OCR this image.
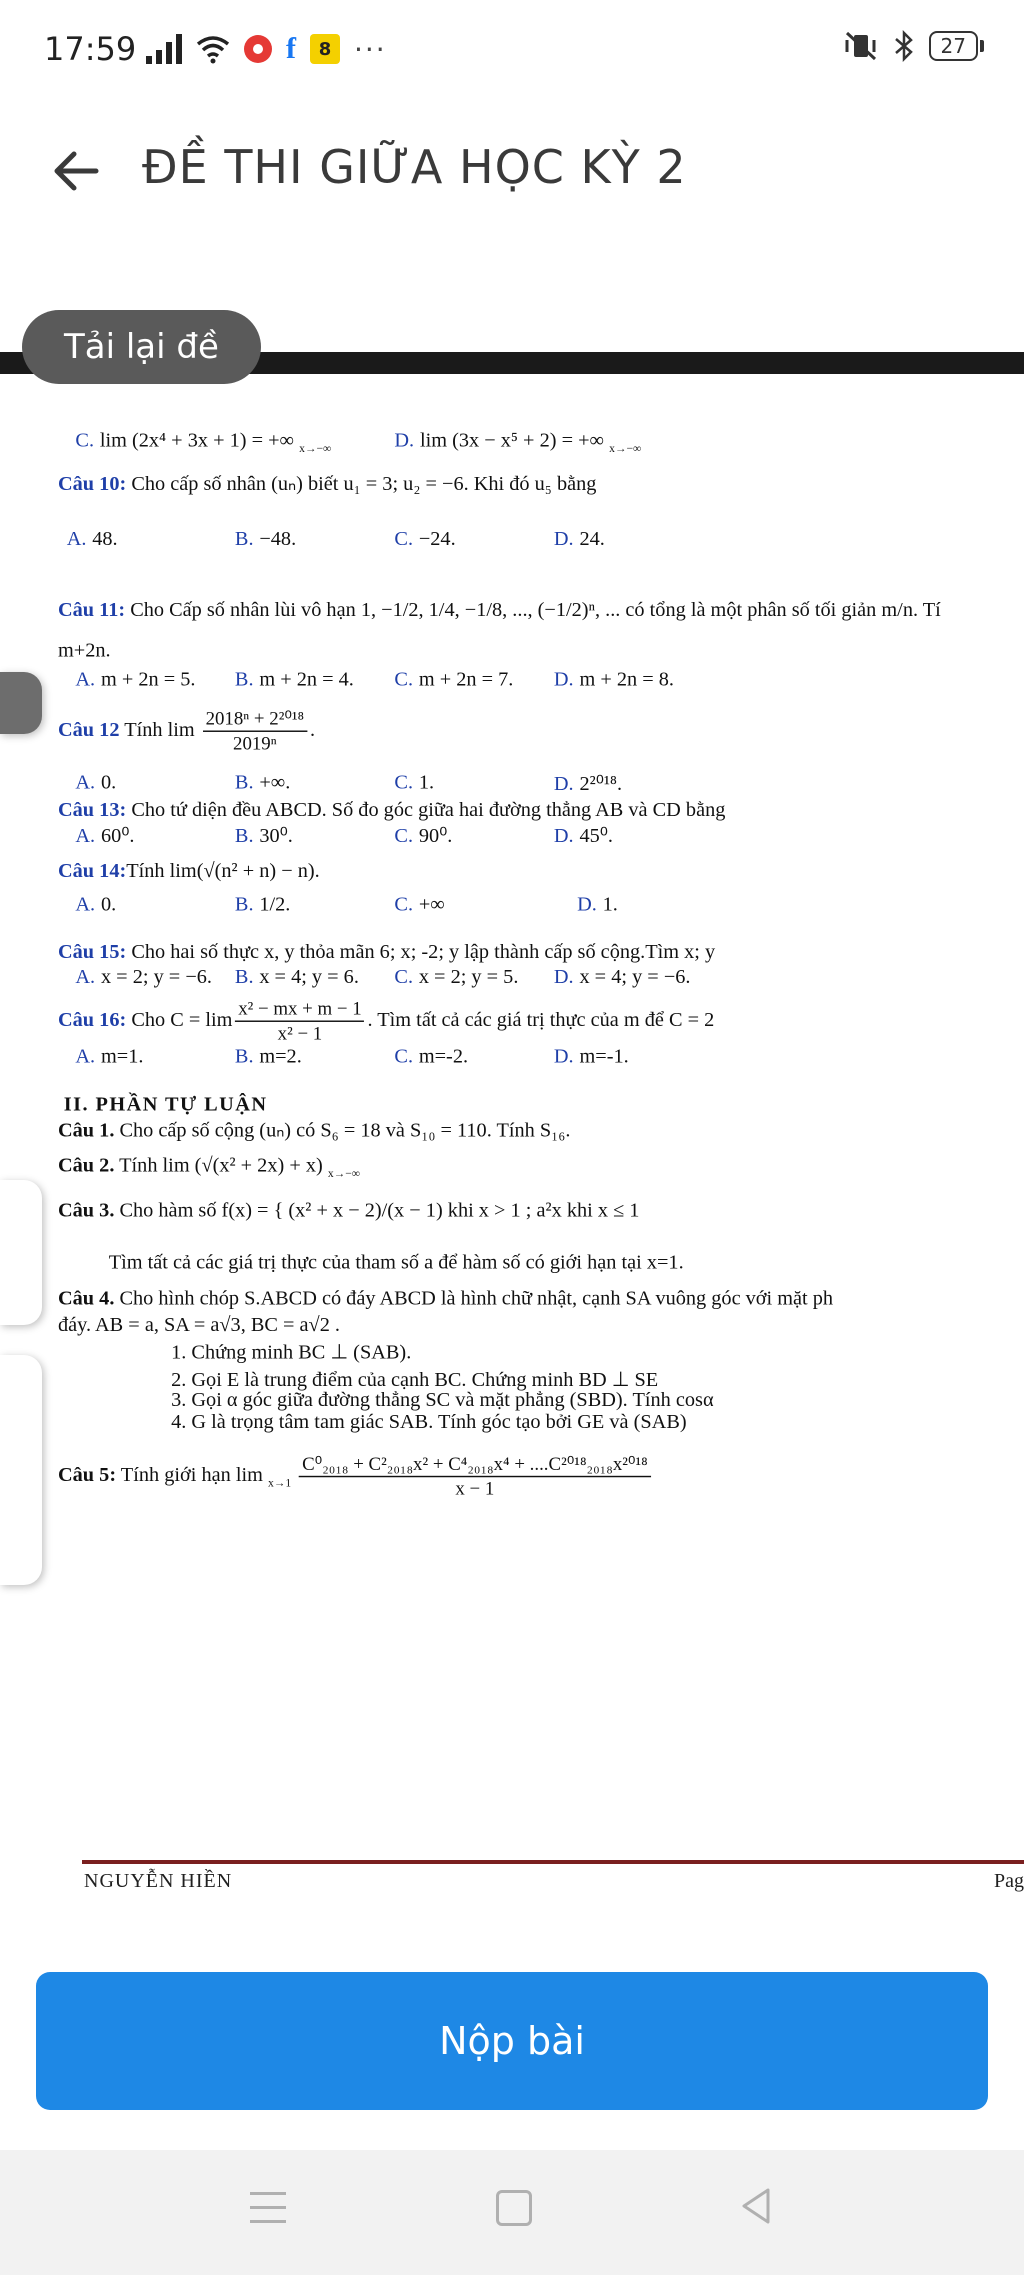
17:59	f	8 ···	27
ĐỀ THI GIỮA HỌC KỲ 2
C. lim (2x⁴ + 3x + 1) = +∞ $_{x\to-\infty}$	D. lim (3x − x⁵ + 2) = +∞ $_{x\to-\infty}$
Câu 10: Cho cấp số nhân (uₙ) biết u₁ = 3; u₂ = −6. Khi đó u₅ bằng
A. 48.	B. −48.	C. −24.	D. 24.
Câu 11: Cho Cấp số nhân lùi vô hạn 1, −1/2, 1/4, −1/8, ..., (−1/2)ⁿ, ... có tổng là một phân số tối giản m/n. Tí
m+2n.
A. m + 2n = 5.	B. m + 2n = 4.	C. m + 2n = 7.	D. m + 2n = 8.
Câu 12 Tính $\lim \frac{\text{2018ⁿ + 2²⁰¹⁸}}{\text{2019ⁿ}}$ .
A. 0.	B. +∞.	C. 1.	D. 2²⁰¹⁸.
Câu 13: Cho tứ diện đều ABCD. Số đo góc giữa hai đường thẳng AB và CD bằng
A. 60⁰.	B. 30⁰.	C. 90⁰.	D. 45⁰.
Câu 14:Tính lim(√(n² + n) − n).
A. 0.	B. 1/2.	C. +∞	D. 1.
Câu 15: Cho hai số thực x, y thỏa mãn 6; x; -2; y lập thành cấp số cộng.Tìm x; y
A. x = 2; y = −6. B. x = 4; y = 6.	C. x = 2; y = 5.	D. x = 4; y = −6.
Câu 16: Cho $C = \lim \frac{\text{x² − mx + m − 1}}{\text{x² − 1}}$ . Tìm tất cả các giá trị thực của m để C = 2
A. m=1.	B. m=2.	C. m=-2.	D. m=-1.
II. PHẦN TỰ LUẬN
Câu 1. Cho cấp số cộng (uₙ) có S₆ = 18 và S₁₀ = 110. Tính S₁₆.
Câu 2. Tính lim (√(x² + 2x) + x) $_{x\to-\infty}$
Câu 3. Cho hàm số f(x) = { (x² + x − 2)/(x − 1) khi x > 1 ; a²x khi x ≤ 1
Tìm tất cả các giá trị thực của tham số a để hàm số có giới hạn tại x=1.
Câu 4. Cho hình chóp S.ABCD có đáy ABCD là hình chữ nhật, cạnh SA vuông góc với mặt ph
đáy. AB = a, SA = a√3, BC = a√2 .
1. Chứng minh BC ⊥ (SAB).
2. Gọi E là trung điểm của cạnh BC. Chứng minh BD ⊥ SE
3. Gọi α góc giữa đường thẳng SC và mặt phẳng (SBD). Tính cosα
4. G là trọng tâm tam giác SAB. Tính góc tạo bởi GE và (SAB)
Câu 5: Tính giới hạn $\lim _{x\to 1} \frac{\text{C⁰₂₀₁₈ + C²₂₀₁₈x² + C⁴₂₀₁₈x⁴ + ....C²⁰¹⁸₂₀₁₈x²⁰¹⁸}}{x - 1}$
Tải lại đề
NGUYỄN HIỀN	Pag
Nộp bài
